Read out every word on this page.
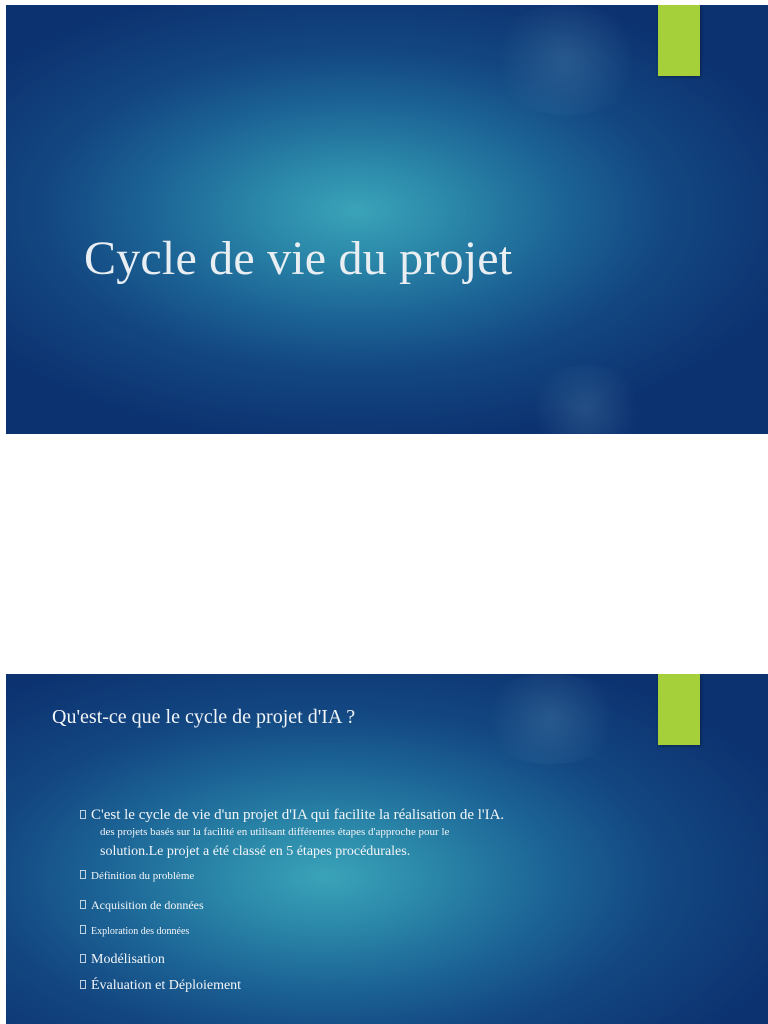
Cycle de vie du projet
Qu'est-ce que le cycle de projet d'IA ?
C'est le cycle de vie d'un projet d'IA qui facilite la réalisation de l'IA.
des projets basés sur la facilité en utilisant différentes étapes d'approche pour le
solution.Le projet a été classé en 5 étapes procédurales.
Définition du problème
Acquisition de données
Exploration des données
Modélisation
Évaluation et Déploiement
